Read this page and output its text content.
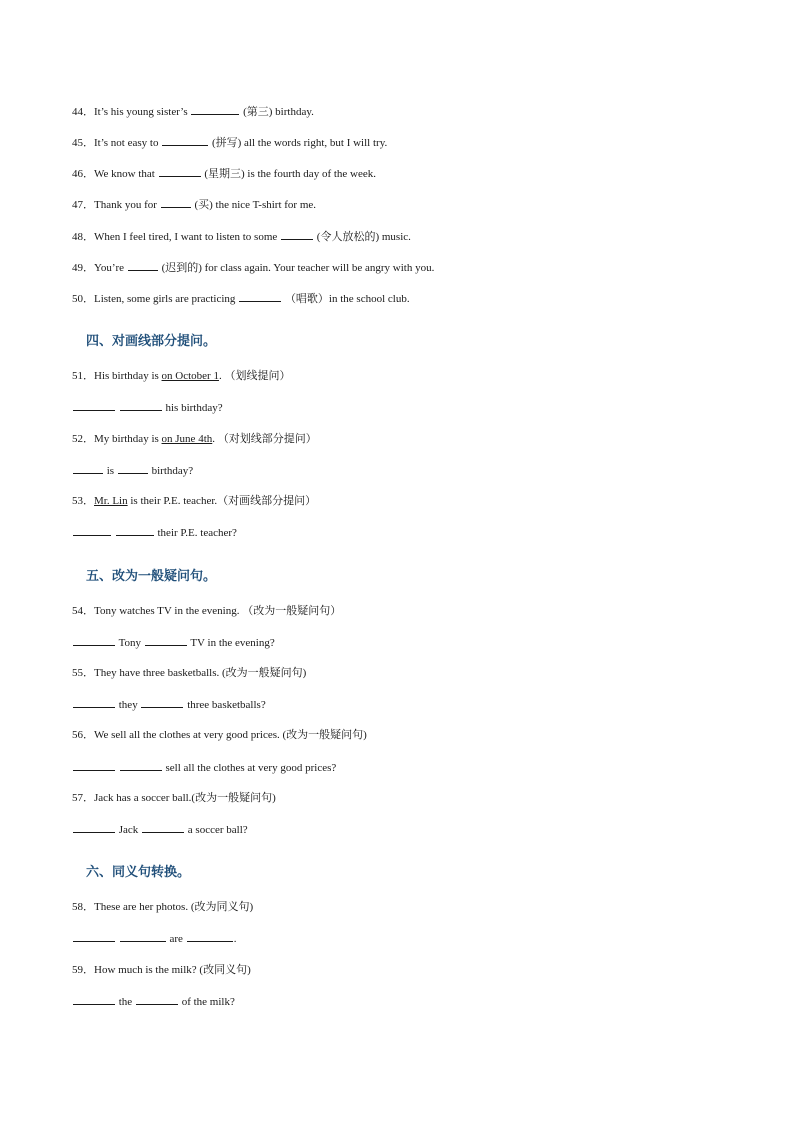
44．It’s his young sister’s	(第三) birthday.
45．It’s not easy to	(拼写) all the words right, but I will try.
46．We know that	(星期三) is the fourth day of the week.
47．Thank you for	(买) the nice T-shirt for me.
48．When I feel tired, I want to listen to some	(令人放松的) music.
49．You’re	(迟到的) for class again. Your teacher will be angry with you.
50．Listen, some girls are practicing	（唱歌）in the school club.
四、对画线部分提问。
51．His birthday is on October 1. （划线提问）
his birthday?
52．My birthday is on June 4th. （对划线部分提问）
is	birthday?
53．Mr. Lin is their P.E. teacher.（对画线部分提问）
their P.E. teacher?
五、改为一般疑问句。
54．Tony watches TV in the evening. （改为一般疑问句）
Tony	TV in the evening?
55．They have three basketballs. (改为一般疑问句)
they	three basketballs?
56．We sell all the clothes at very good prices. (改为一般疑问句)
sell all the clothes at very good prices?
57．Jack has a soccer ball.(改为一般疑问句)
Jack	a soccer ball?
六、同义句转换。
58．These are her photos. (改为同义句)
are	.
59．How much is the milk? (改同义句)
the	of the milk?
